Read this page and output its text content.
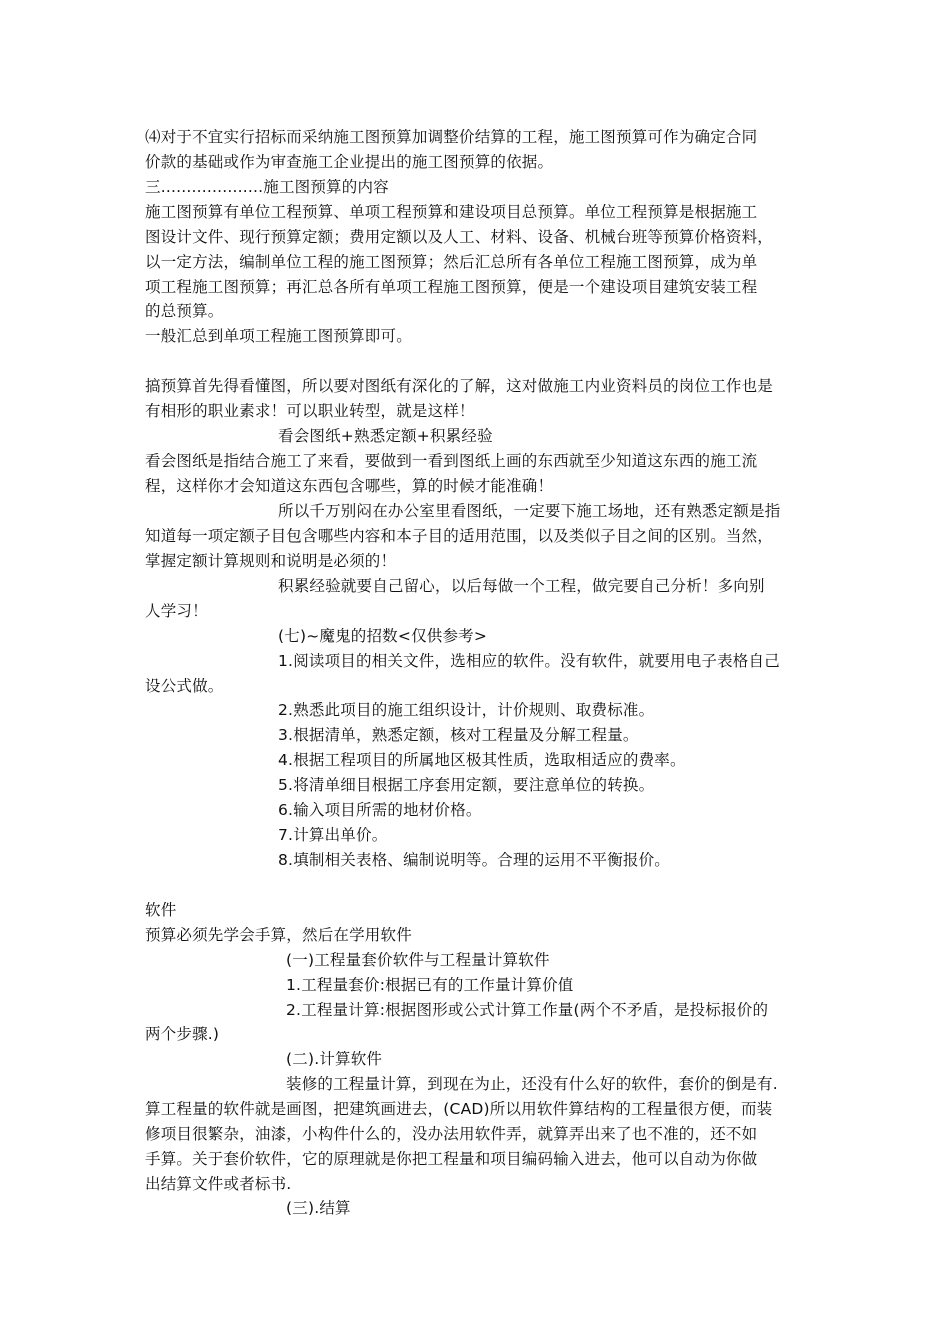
⑷对于不宜实行招标而采纳施工图预算加调整价结算的工程，施工图预算可作为确定合同

价款的基础或作为审查施工企业提出的施工图预算的依据。

三....................施工图预算的内容

施工图预算有单位工程预算、单项工程预算和建设项目总预算。单位工程预算是根据施工

图设计文件、现行预算定额；费用定额以及人工、材料、设备、机械台班等预算价格资料，

以一定方法，编制单位工程的施工图预算；然后汇总所有各单位工程施工图预算，成为单

项工程施工图预算；再汇总各所有单项工程施工图预算，便是一个建设项目建筑安装工程

的总预算。

一般汇总到单项工程施工图预算即可。

搞预算首先得看懂图，所以要对图纸有深化的了解，这对做施工内业资料员的岗位工作也是

有相形的职业素求！可以职业转型，就是这样！

看会图纸+熟悉定额+积累经验

看会图纸是指结合施工了来看，要做到一看到图纸上画的东西就至少知道这东西的施工流

程，这样你才会知道这东西包含哪些，算的时候才能准确！

所以千万别闷在办公室里看图纸，一定要下施工场地，还有熟悉定额是指

知道每一项定额子目包含哪些内容和本子目的适用范围，以及类似子目之间的区别。当然，

掌握定额计算规则和说明是必须的！

积累经验就要自己留心，以后每做一个工程，做完要自己分析！多向别

人学习！

(七)~魔鬼的招数<仅供参考>

1.阅读项目的相关文件，选相应的软件。没有软件，就要用电子表格自己

设公式做。

2.熟悉此项目的施工组织设计，计价规则、取费标准。

3.根据清单，熟悉定额，核对工程量及分解工程量。

4.根据工程项目的所属地区极其性质，选取相适应的费率。

5.将清单细目根据工序套用定额，要注意单位的转换。

6.输入项目所需的地材价格。

7.计算出单价。

8.填制相关表格、编制说明等。合理的运用不平衡报价。

软件

预算必须先学会手算，然后在学用软件

(一)工程量套价软件与工程量计算软件

1.工程量套价:根据已有的工作量计算价值

2.工程量计算:根据图形或公式计算工作量(两个不矛盾，是投标报价的

两个步骤.)

(二).计算软件

装修的工程量计算，到现在为止，还没有什么好的软件，套价的倒是有.

算工程量的软件就是画图，把建筑画进去，(CAD)所以用软件算结构的工程量很方便，而装

修项目很繁杂，油漆，小构件什么的，没办法用软件弄，就算弄出来了也不准的，还不如

手算。关于套价软件，它的原理就是你把工程量和项目编码输入进去，他可以自动为你做

出结算文件或者标书.

(三).结算
